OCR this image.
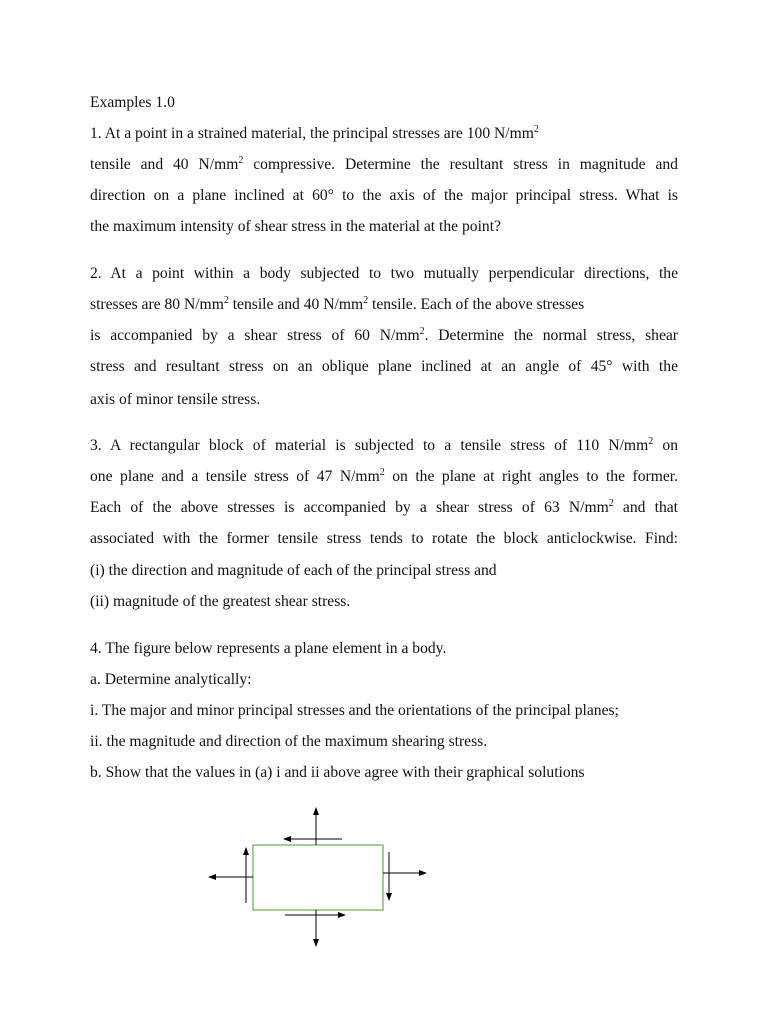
Examples 1.0
1. At a point in a strained material, the principal stresses are 100 $N/mm^2$
tensile and 40 $N/mm^2$ compressive. Determine the resultant stress in magnitude and
direction on a plane inclined at 60° to the axis of the major principal stress. What is
the maximum intensity of shear stress in the material at the point?
2. At a point within a body subjected to two mutually perpendicular directions, the
stresses are 80 $N/mm^2$ tensile and 40 $N/mm^2$ tensile. Each of the above stresses
is accompanied by a shear stress of 60 $N/mm^2$. Determine the normal stress, shear
stress and resultant stress on an oblique plane inclined at an angle of 45° with the
axis of minor tensile stress.
3. A rectangular block of material is subjected to a tensile stress of 110 $N/mm^2$ on
one plane and a tensile stress of 47 $N/mm^2$ on the plane at right angles to the former.
Each of the above stresses is accompanied by a shear stress of 63 $N/mm^2$ and that
associated with the former tensile stress tends to rotate the block anticlockwise. Find:
(i) the direction and magnitude of each of the principal stress and
(ii) magnitude of the greatest shear stress.
4. The figure below represents a plane element in a body.
a. Determine analytically:
i. The major and minor principal stresses and the orientations of the principal planes;
ii. the magnitude and direction of the maximum shearing stress.
b. Show that the values in (a) i and ii above agree with their graphical solutions
